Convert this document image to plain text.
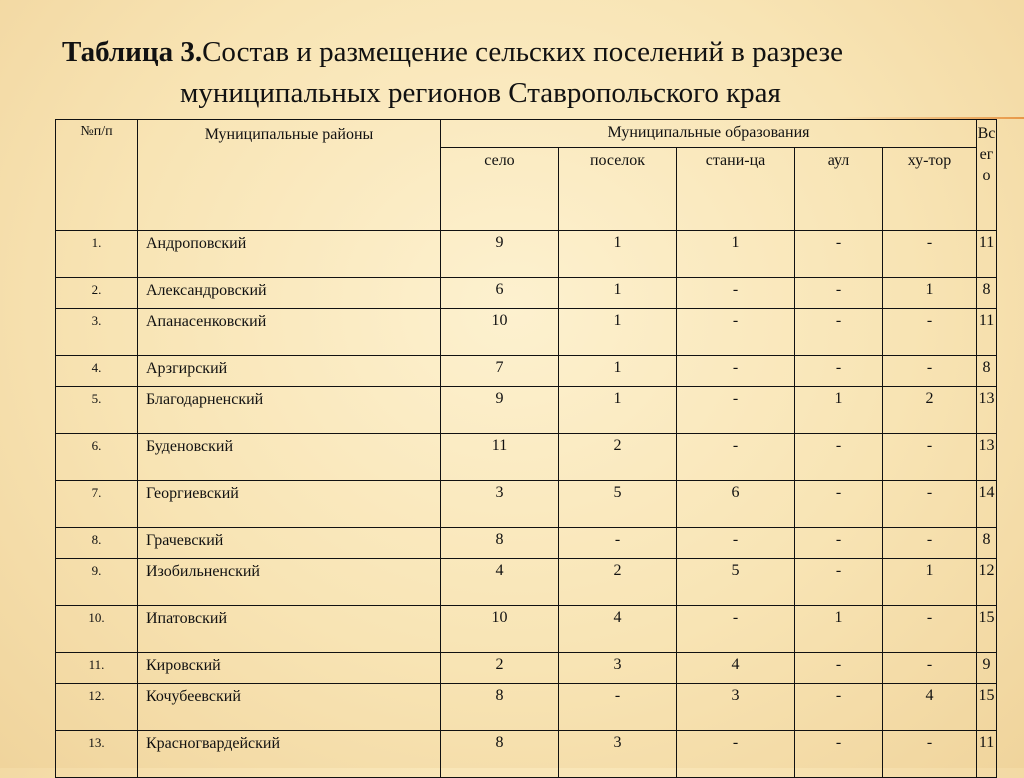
Таблица 3.Состав и размещение сельских поселений в разрезе
муниципальных регионов Ставропольского края
№п/п	Муниципальные районы	Муниципальные образования					Всего
		село	поселок	стани-ца	аул	ху-тор	
1.	Андроповский	9	1	1	-	-	11
2.	Александровский	6	1	-	-	1	8
3.	Апанасенковский	10	1	-	-	-	11
4.	Арзгирский	7	1	-	-	-	8
5.	Благодарненский	9	1	-	1	2	13
6.	Буденовский	11	2	-	-	-	13
7.	Георгиевский	3	5	6	-	-	14
8.	Грачевский	8	-	-	-	-	8
9.	Изобильненский	4	2	5	-	1	12
10.	Ипатовский	10	4	-	1	-	15
11.	Кировский	2	3	4	-	-	9
12.	Кочубеевский	8	-	3	-	4	15
13.	Красногвардейский	8	3	-	-	-	11
